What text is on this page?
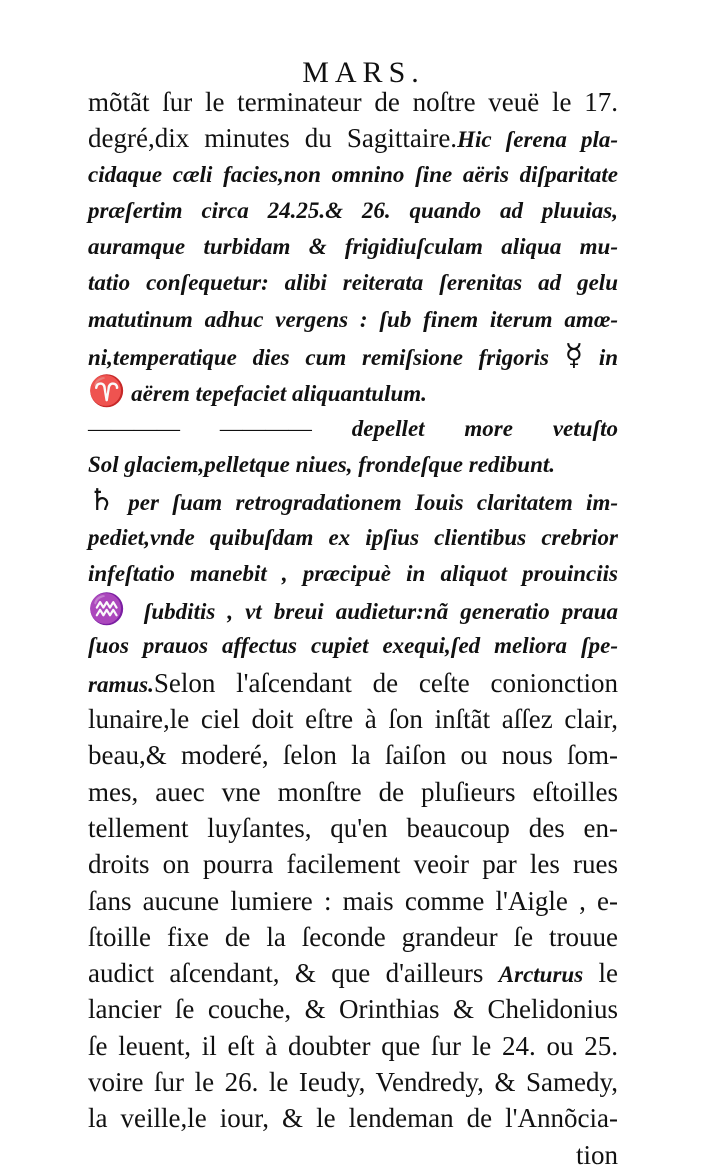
MARS.
mõtãt ſur le terminateur de noſtre veuë le 17.
degré,dix minutes du Sagittaire.Hic ſerena pla-
cidaque cæli facies,non omnino ſine aëris diſparitate
præſertim circa 24.25.& 26. quando ad pluuias,
auramque turbidam & frigidiuſculam aliqua mu-
tatio conſequetur: alibi reiterata ſerenitas ad gelu
matutinum adhuc vergens : ſub finem iterum amœ-
ni,temperatique dies cum remiſsione frigoris ☿ in
♈ aërem tepefaciet aliquantulum.
———— ———— depellet more vetuſto
Sol glaciem,pelletque niues, frondeſque redibunt.
♄ per ſuam retrogradationem Iouis claritatem im-
pediet,vnde quibuſdam ex ipſius clientibus crebrior
infeſtatio manebit , præcipuè in aliquot prouinciis
♒ ſubditis , vt breui audietur:nã generatio praua
ſuos prauos affectus cupiet exequi,ſed meliora ſpe-
ramus.Selon l'aſcendant de ceſte conionction
lunaire,le ciel doit eſtre à ſon inſtãt aſſez clair,
beau,& moderé, ſelon la ſaiſon ou nous ſom-
mes, auec vne monſtre de pluſieurs eſtoilles
tellement luyſantes, qu'en beaucoup des en-
droits on pourra facilement veoir par les rues
ſans aucune lumiere : mais comme l'Aigle , e-
ſtoille fixe de la ſeconde grandeur ſe trouue
audict aſcendant, & que d'ailleurs Arcturus le
lancier ſe couche, & Orinthias & Chelidonius
ſe leuent, il eſt à doubter que ſur le 24. ou 25.
voire ſur le 26. le Ieudy, Vendredy, & Samedy,
la veille,le iour, & le lendeman de l'Annõcia-
tion
